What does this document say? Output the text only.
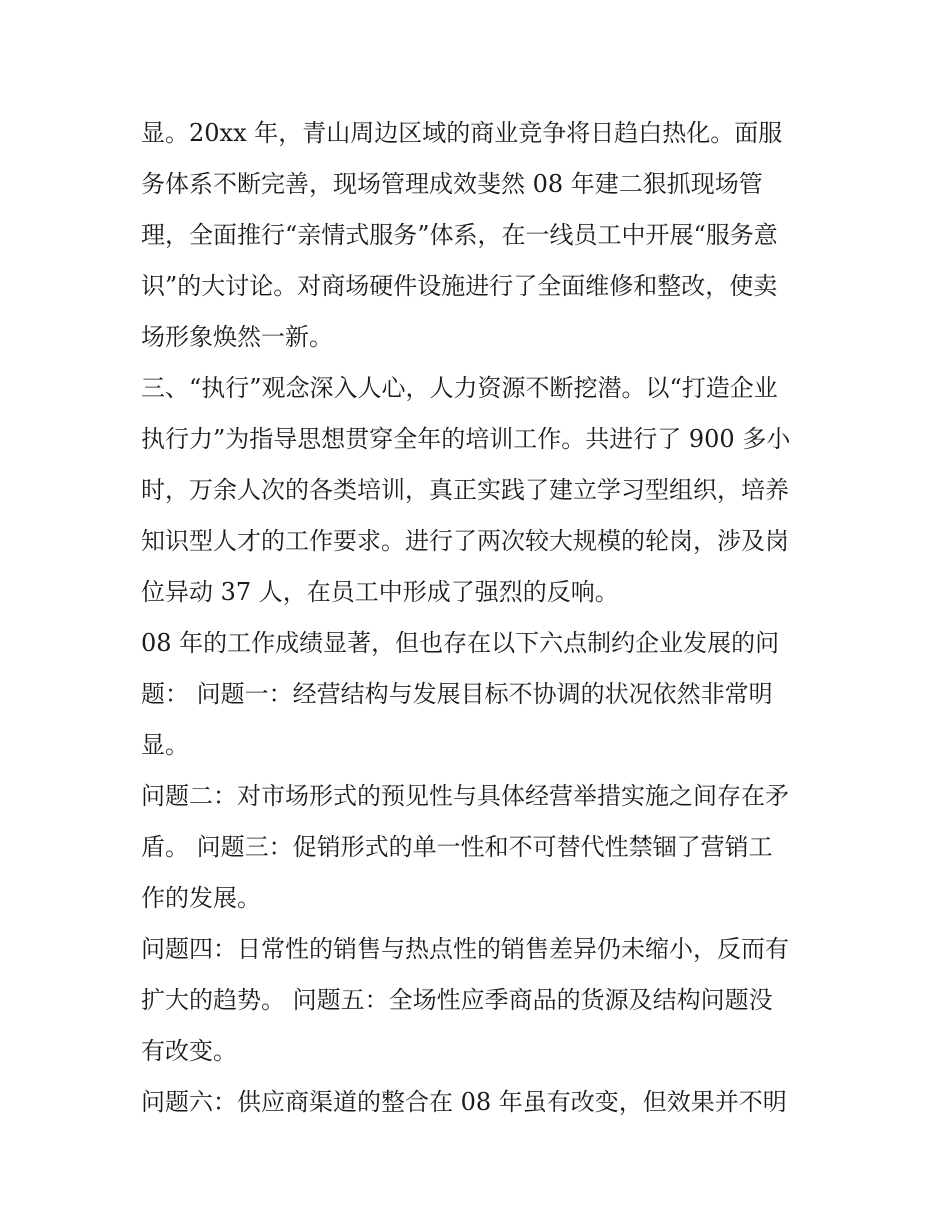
显。20xx 年，青山周边区域的商业竞争将日趋白热化。面服
务体系不断完善，现场管理成效斐然 08 年建二狠抓现场管
理，全面推行“亲情式服务”体系，在一线员工中开展“服务意
识”的大讨论。对商场硬件设施进行了全面维修和整改，使卖
场形象焕然一新。
三、“执行”观念深入人心，人力资源不断挖潜。以“打造企业
执行力”为指导思想贯穿全年的培训工作。共进行了 900 多小
时，万余人次的各类培训，真正实践了建立学习型组织，培养
知识型人才的工作要求。进行了两次较大规模的轮岗，涉及岗
位异动 37 人，在员工中形成了强烈的反响。
08 年的工作成绩显著，但也存在以下六点制约企业发展的问
题： 问题一：经营结构与发展目标不协调的状况依然非常明
显。
问题二：对市场形式的预见性与具体经营举措实施之间存在矛
盾。 问题三：促销形式的单一性和不可替代性禁锢了营销工
作的发展。
问题四：日常性的销售与热点性的销售差异仍未缩小，反而有
扩大的趋势。 问题五：全场性应季商品的货源及结构问题没
有改变。
问题六：供应商渠道的整合在 08 年虽有改变，但效果并不明
